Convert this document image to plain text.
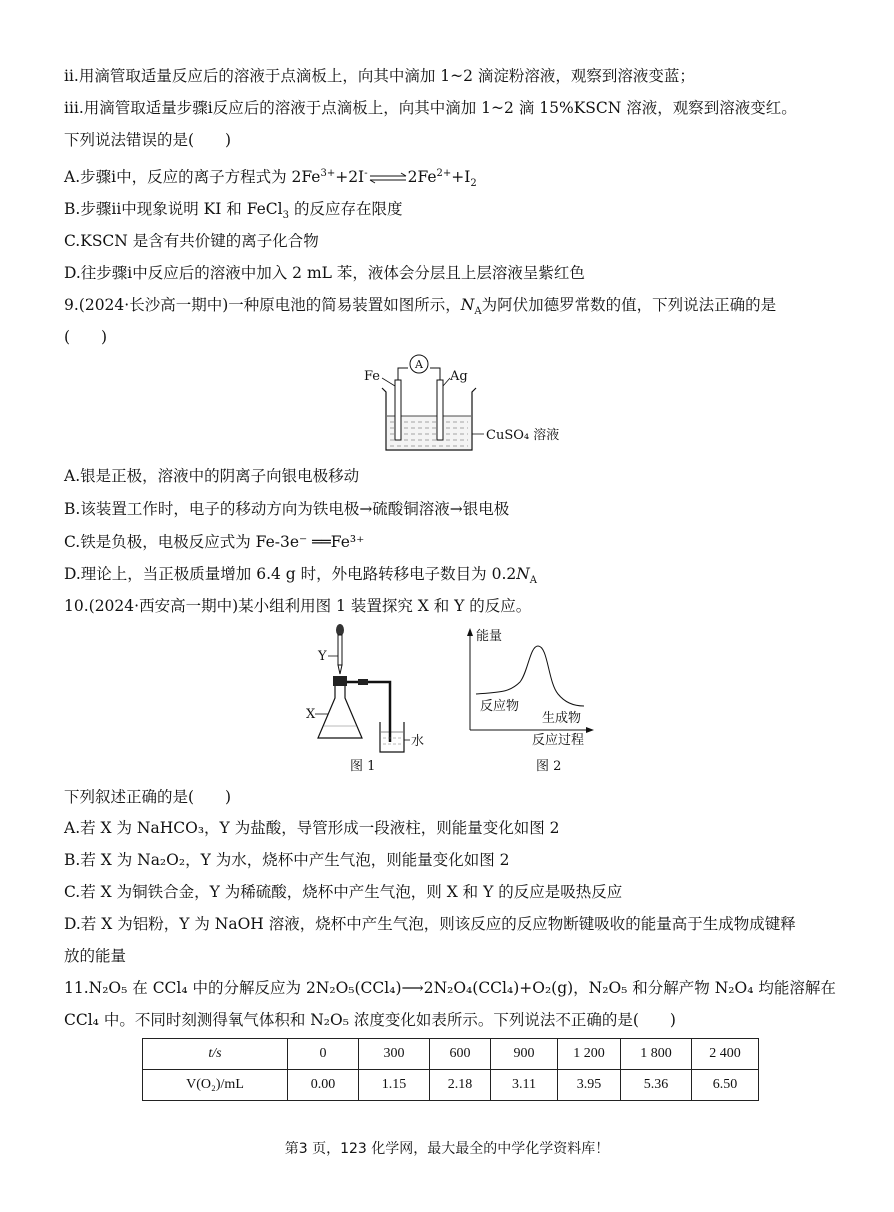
ⅱ.用滴管取适量反应后的溶液于点滴板上，向其中滴加 1~2 滴淀粉溶液，观察到溶液变蓝；
ⅲ.用滴管取适量步骤ⅰ反应后的溶液于点滴板上，向其中滴加 1~2 滴 15%KSCN 溶液，观察到溶液变红。
下列说法错误的是(　　)
A.步骤ⅰ中，反应的离子方程式为 $2Fe^{3+}+2I^-\rightleftharpoons 2Fe^{2+}+I_2$
B.步骤ⅱ中现象说明 KI 和 FeCl$_3$ 的反应存在限度
C.KSCN 是含有共价键的离子化合物
D.往步骤ⅰ中反应后的溶液中加入 2 mL 苯，液体会分层且上层溶液呈紫红色
9.(2024·长沙高一期中)一种原电池的简易装置如图所示，$N_A$为阿伏加德罗常数的值，下列说法正确的是
(　　)
A
Fe	Ag
CuSO₄ 溶液
A.银是正极，溶液中的阴离子向银电极移动
B.该装置工作时，电子的移动方向为铁电极→硫酸铜溶液→银电极
C.铁是负极，电极反应式为 Fe-3e⁻ ══Fe³⁺
D.理论上，当正极质量增加 6.4 g 时，外电路转移电子数目为 $0.2N_A$
10.(2024·西安高一期中)某小组利用图 1 装置探究 X 和 Y 的反应。
Y
X
水
图 1
能量
反应过程
反应物
生成物
图 2
下列叙述正确的是(　　)
A.若 X 为 NaHCO₃，Y 为盐酸，导管形成一段液柱，则能量变化如图 2
B.若 X 为 Na₂O₂，Y 为水，烧杯中产生气泡，则能量变化如图 2
C.若 X 为铜铁合金，Y 为稀硫酸，烧杯中产生气泡，则 X 和 Y 的反应是吸热反应
D.若 X 为铝粉，Y 为 NaOH 溶液，烧杯中产生气泡，则该反应的反应物断键吸收的能量高于生成物成键释
放的能量
11.N₂O₅ 在 CCl₄ 中的分解反应为 2N₂O₅(CCl₄)⟶2N₂O₄(CCl₄)+O₂(g)，N₂O₅ 和分解产物 N₂O₄ 均能溶解在
CCl₄ 中。不同时刻测得氧气体积和 N₂O₅ 浓度变化如表所示。下列说法不正确的是(　　)
t/s	0	300	600	900	1 200	1 800	2 400
V(O₂)/mL	0.00	1.15	2.18	3.11	3.95	5.36	6.50
第3 页，123 化学网，最大最全的中学化学资料库！
